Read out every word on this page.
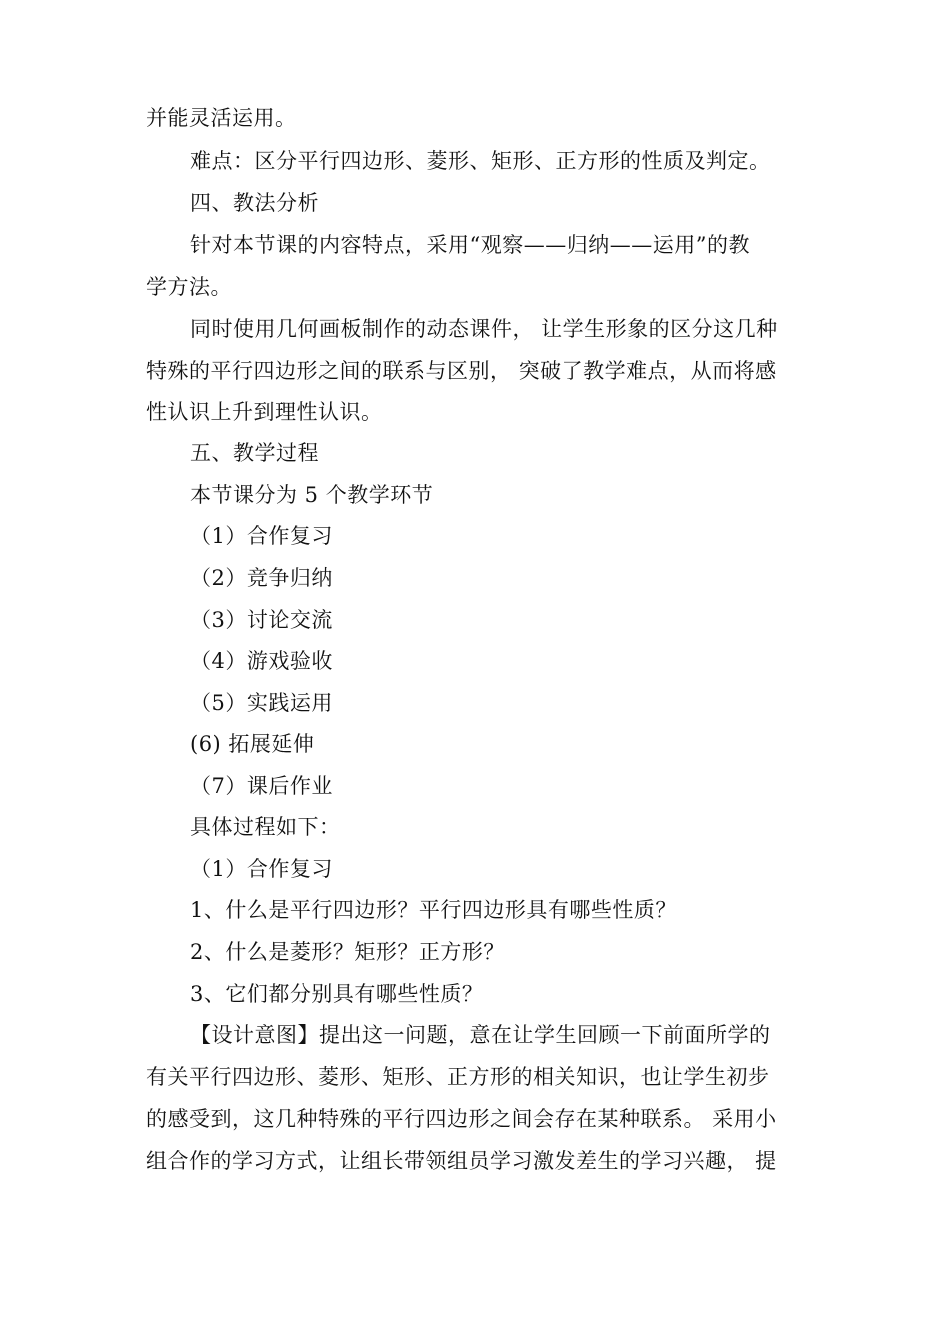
并能灵活运用。
难点：区分平行四边形、菱形、矩形、正方形的性质及判定。
四、教法分析
针对本节课的内容特点，采用“观察——归纳——运用”的教
学方法。
同时使用几何画板制作的动态课件， 让学生形象的区分这几种
特殊的平行四边形之间的联系与区别， 突破了教学难点，从而将感
性认识上升到理性认识。
五、教学过程
本节课分为 5 个教学环节
（1）合作复习
（2）竞争归纳
（3）讨论交流
（4）游戏验收
（5）实践运用
(6) 拓展延伸
（7）课后作业
具体过程如下：
（1）合作复习
1、什么是平行四边形？平行四边形具有哪些性质？
2、什么是菱形？矩形？正方形？
3、它们都分别具有哪些性质？
【设计意图】提出这一问题，意在让学生回顾一下前面所学的
有关平行四边形、菱形、矩形、正方形的相关知识，也让学生初步
的感受到，这几种特殊的平行四边形之间会存在某种联系。 采用小
组合作的学习方式，让组长带领组员学习激发差生的学习兴趣， 提
